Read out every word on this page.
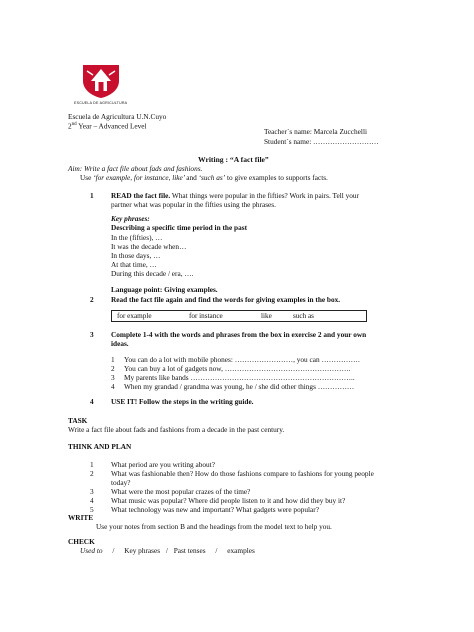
ESCUELA DE AGRICULTURA
Escuela de Agricultura U.N.Cuyo
2nd Year – Advanced Level
Teacher´s name: Marcela Zucchelli
Student´s name: ………………………
Writing : “A fact file”
Aim: Write a fact file about fads and fashions.
Use ‘for example, for instance, like’ and ‘such as’ to give examples to supports facts.
1 READ the fact file. What things were popular in the fifties? Work in pairs. Tell your
partner what was popular in the fifties using the phrases.
Key phrases:
Describing a specific time period in the past
In the (fifties), …
It was the decade when…
In those days, …
At that time, …
During this decade / era, ….
Language point: Giving examples.
2 Read the fact file again and find the words for giving examples in the box.
for example	for instance	like	such as
3 Complete 1-4 with the words and phrases from the box in exercise 2 and your own
ideas.
1 You can do a lot with mobile phones: ……………………, you can …………….
2 You can buy a lot of gadgets now, …………………………………………….
3 My parents like bands …………………………………………………………..
4 When my grandad / grandma was young, he / she did other things ……………
4 USE IT! Follow the steps in the writing guide.
TASK
Write a fact file about fads and fashions from a decade in the past century.
THINK AND PLAN
1 What period are you writing about?
2 What was fashionable then? How do those fashions compare to fashions for young people
today?
3 What were the most popular crazes of the time?
4 What music was popular? Where did people listen to it and how did they buy it?
5 What technology was new and important? What gadgets were popular?
WRITE
Use your notes from section B and the headings from the model text to help you.
CHECK
Used to / Key phrases / Past tenses / examples
